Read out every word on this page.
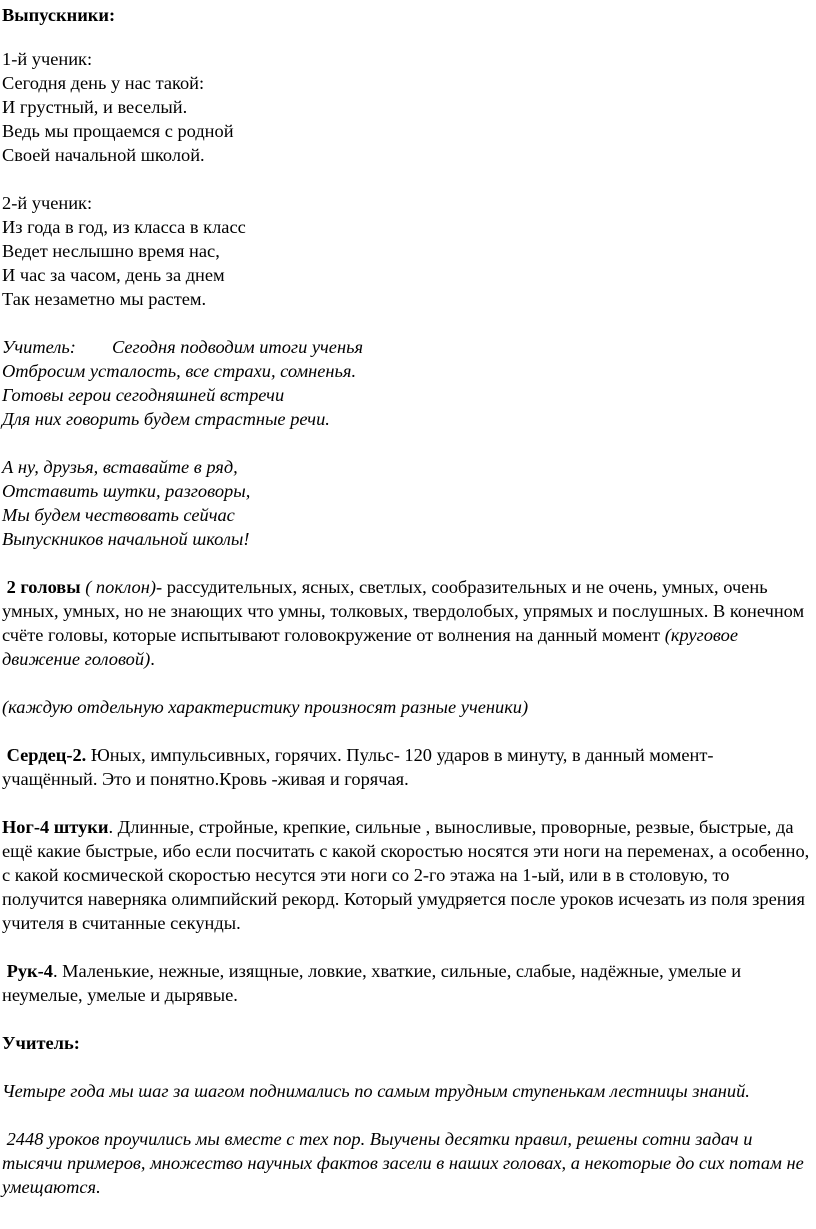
Выпускники:

1-й ученик:

Сегодня день у нас такой:

И грустный, и веселый.

Ведь мы прощаемся с родной

Своей начальной школой.

2-й ученик:

Из года в год, из класса в класс

Ведет неслышно время нас,

И час за часом, день за днем

Так незаметно мы растем.

Учитель: Сегодня подводим итоги ученья

Отбросим усталость, все страхи, сомненья.

Готовы герои сегодняшней встречи

Для них говорить будем страстные речи.

А ну, друзья, вставайте в ряд,

Отставить шутки, разговоры,

Мы будем чествовать сейчас

Выпускников начальной школы!

2 головы ( поклон)- рассудительных, ясных, светлых, сообразительных и не очень, умных, очень умных, умных, но не знающих что умны, толковых, твердолобых, упрямых и послушных. В конечном счёте головы, которые испытывают головокружение от волнения на данный момент (круговое движение головой).

(каждую отдельную характеристику произносят разные ученики)

Сердец-2. Юных, импульсивных, горячих. Пульс- 120 ударов в минуту, в данный момент- учащённый. Это и понятно.Кровь -живая и горячая.

Ног-4 штуки. Длинные, стройные, крепкие, сильные , выносливые, проворные, резвые, быстрые, да ещё какие быстрые, ибо если посчитать с какой скоростью носятся эти ноги на переменах, а особенно, с какой космической скоростью несутся эти ноги со 2-го этажа на 1-ый, или в в столовую, то получится наверняка олимпийский рекорд. Который умудряется после уроков исчезать из поля зрения учителя в считанные секунды.

Рук-4. Маленькие, нежные, изящные, ловкие, хваткие, сильные, слабые, надёжные, умелые и неумелые, умелые и дырявые.

Учитель:

Четыре года мы шаг за шагом поднимались по самым трудным ступенькам лестницы знаний.

2448 уроков проучились мы вместе с тех пор. Выучены десятки правил, решены сотни задач и тысячи примеров, множество научных фактов засели в наших головах, а некоторые до сих потам не умещаются.
